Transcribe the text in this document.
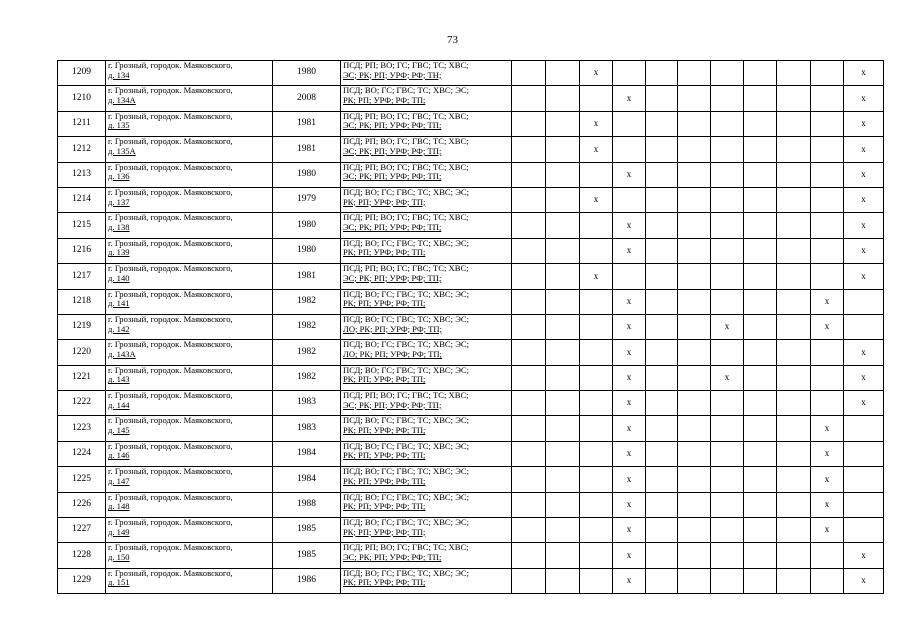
73
1209	г. Грозный, городок. Маяковского,
д. 134	1980	ПСД; РП; ВО; ГС; ГВС; ТС; ХВС;
ЭС; РК; РП; УРФ; РФ; ТН;			x								x
1210	г. Грозный, городок. Маяковского,
д. 134А	2008	ПСД; ВО; ГС; ГВС; ТС; ХВС; ЭС;
РК; РП; УРФ; РФ; ТП;				x							x
1211	г. Грозный, городок. Маяковского,
д. 135	1981	ПСД; РП; ВО; ГС; ГВС; ТС; ХВС;
ЭС; РК; РП; УРФ; РФ; ТП;			x								x
1212	г. Грозный, городок. Маяковского,
д. 135А	1981	ПСД; РП; ВО; ГС; ГВС; ТС; ХВС;
ЭС; РК; РП; УРФ; РФ; ТП;			x								x
1213	г. Грозный, городок. Маяковского,
д. 136	1980	ПСД; РП; ВО; ГС; ГВС; ТС; ХВС;
ЭС; РК; РП; УРФ; РФ; ТП;				x							x
1214	г. Грозный, городок. Маяковского,
д. 137	1979	ПСД; ВО; ГС; ГВС; ТС; ХВС; ЭС;
РК; РП; УРФ; РФ; ТП;			x								x
1215	г. Грозный, городок. Маяковского,
д. 138	1980	ПСД; РП; ВО; ГС; ГВС; ТС; ХВС;
ЭС; РК; РП; УРФ; РФ; ТП;				x							x
1216	г. Грозный, городок. Маяковского,
д. 139	1980	ПСД; ВО; ГС; ГВС; ТС; ХВС; ЭС;
РК; РП; УРФ; РФ; ТП;				x							x
1217	г. Грозный, городок. Маяковского,
д. 140	1981	ПСД; РП; ВО; ГС; ГВС; ТС; ХВС;
ЭС; РК; РП; УРФ; РФ; ТП;			x								x
1218	г. Грозный, городок. Маяковского,
д. 141	1982	ПСД; ВО; ГС; ГВС; ТС; ХВС; ЭС;
РК; РП; УРФ; РФ; ТП;				x						x	
1219	г. Грозный, городок. Маяковского,
д. 142	1982	ПСД; ВО; ГС; ГВС; ТС; ХВС; ЭС;
ЛО; РК; РП; УРФ; РФ; ТП;				x			x			x	
1220	г. Грозный, городок. Маяковского,
д. 143А	1982	ПСД; ВО; ГС; ГВС; ТС; ХВС; ЭС;
ЛО; РК; РП; УРФ; РФ; ТП;				x							x
1221	г. Грозный, городок. Маяковского,
д. 143	1982	ПСД; ВО; ГС; ГВС; ТС; ХВС; ЭС;
РК; РП; УРФ; РФ; ТП;				x			x				x
1222	г. Грозный, городок. Маяковского,
д. 144	1983	ПСД; РП; ВО; ГС; ГВС; ТС; ХВС;
ЭС; РК; РП; УРФ; РФ; ТП;				x							x
1223	г. Грозный, городок. Маяковского,
д. 145	1983	ПСД; ВО; ГС; ГВС; ТС; ХВС; ЭС;
РК; РП; УРФ; РФ; ТП;				x						x	
1224	г. Грозный, городок. Маяковского,
д. 146	1984	ПСД; ВО; ГС; ГВС; ТС; ХВС; ЭС;
РК; РП; УРФ; РФ; ТП;				x						x	
1225	г. Грозный, городок. Маяковского,
д. 147	1984	ПСД; ВО; ГС; ГВС; ТС; ХВС; ЭС;
РК; РП; УРФ; РФ; ТП;				x						x	
1226	г. Грозный, городок. Маяковского,
д. 148	1988	ПСД; ВО; ГС; ГВС; ТС; ХВС; ЭС;
РК; РП; УРФ; РФ; ТП;				x						x	
1227	г. Грозный, городок. Маяковского,
д. 149	1985	ПСД; ВО; ГС; ГВС; ТС; ХВС; ЭС;
РК; РП; УРФ; РФ; ТП;				x						x	
1228	г. Грозный, городок. Маяковского,
д. 150	1985	ПСД; РП; ВО; ГС; ГВС; ТС; ХВС;
ЭС; РК; РП; УРФ; РФ; ТП;				x							x
1229	г. Грозный, городок. Маяковского,
д. 151	1986	ПСД; ВО; ГС; ГВС; ТС; ХВС; ЭС;
РК; РП; УРФ; РФ; ТП;				x							x
